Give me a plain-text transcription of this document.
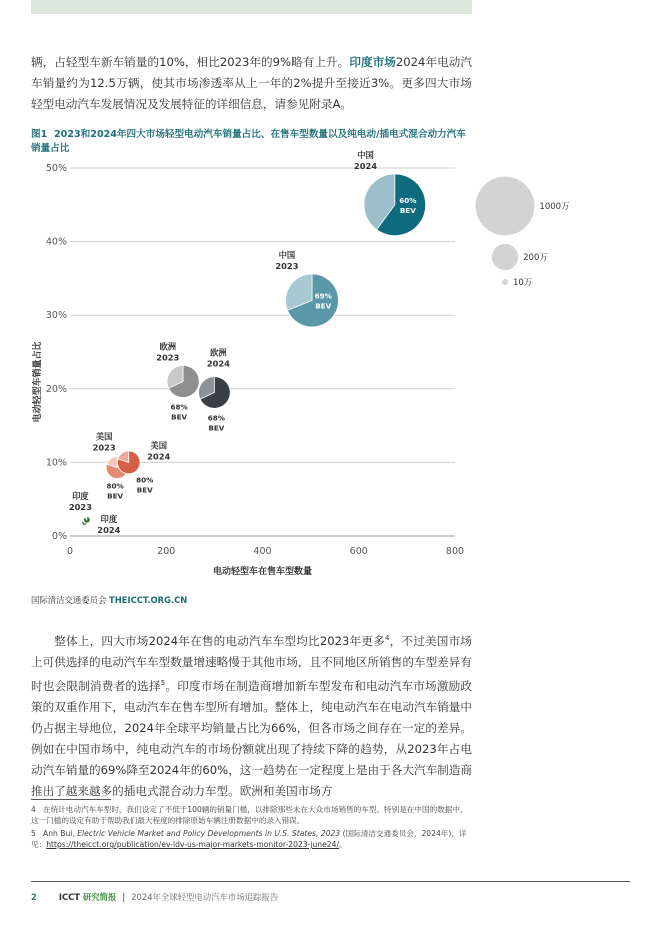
辆，占轻型车新车销量的10%，相比2023年的9%略有上升。印度市场2024年电动汽车销量约为12.5万辆，使其市场渗透率从上一年的2%提升至接近3%。更多四大市场轻型电动汽车发展情况及发展特征的详细信息，请参见附录A。

图1 2023和2024年四大市场轻型电动汽车销量占比、在售车型数量以及纯电动/插电式混合动力汽车销量占比
0%
10%
20%
30%
40%
50%
0	200	400	600	800
电动轻型车在售车型数量
电动轻型车销量占比
中国
2024
60%
BEV
中国
2023
69%
BEV
欧洲
2023
68%
BEV
欧洲
2024
68%
BEV
美国
2023
80%
BEV
美国
2024
80%
BEV
印度
2023
印度
2024
1000万
200万
10万
国际清洁交通委员会 THEICCT.ORG.CN

整体上，四大市场2024年在售的电动汽车车型均比2023年更多$^4$，不过美国市场上可供选择的电动汽车车型数量增速略慢于其他市场，且不同地区所销售的车型差异有时也会限制消费者的选择$^5$。印度市场在制造商增加新车型发布和电动汽车市场激励政策的双重作用下，电动汽车在售车型所有增加。整体上，纯电动汽车在电动汽车销量中仍占据主导地位，2024年全球平均销量占比为66%，但各市场之间存在一定的差异。例如在中国市场中，纯电动汽车的市场份额就出现了持续下降的趋势，从2023年占电动汽车销量的69%降至2024年的60%，这一趋势在一定程度上是由于各大汽车制造商推出了越来越多的插电式混合动力车型。欧洲和美国市场方

4 在统计电动汽车车型时，我们设定了不低于100辆的销量门槛，以排除那些未在大众市场销售的车型。特别是在中国的数据中，这一门槛的设定有助于帮助我们最大程度的排除原始车辆注册数据中的录入错误。
5 Anh Bui, Electric Vehicle Market and Policy Developments in U.S. States, 2023 (国际清洁交通委员会，2024年)，详见：https://theicct.org/publication/ev-ldv-us-major-markets-monitor-2023-june24/。
2	ICCT 研究简报 | 2024年全球轻型电动汽车市场追踪报告
